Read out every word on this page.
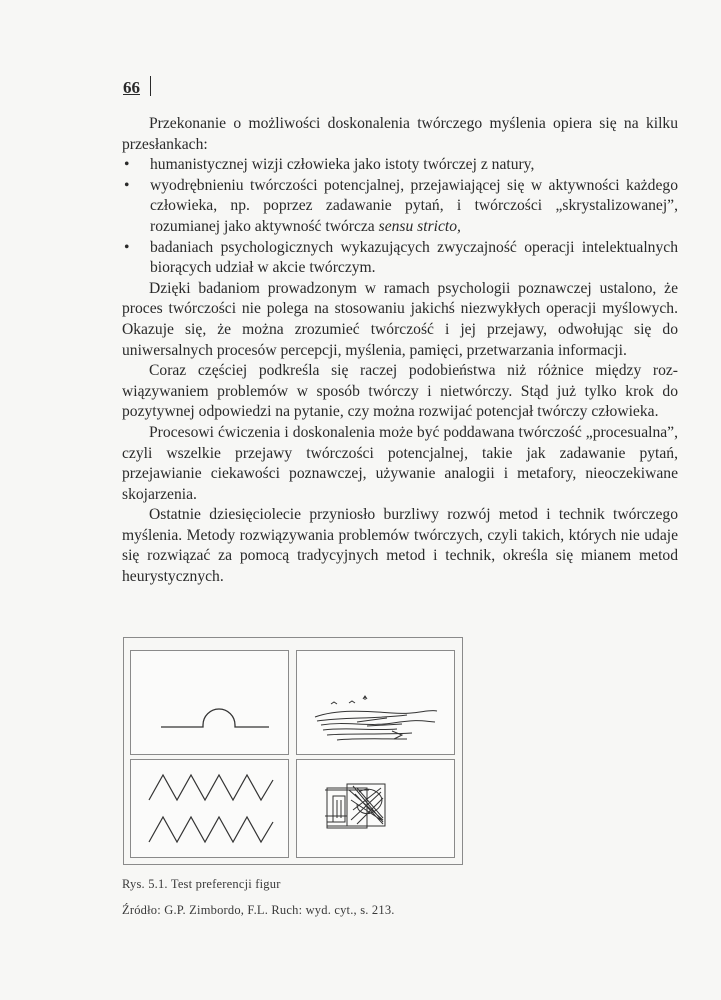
66

Przekonanie o możliwości doskonalenia twórczego myślenia opiera się na kilku przesłankach:

• humanistycznej wizji człowieka jako istoty twórczej z natury,
• wyodrębnieniu twórczości potencjalnej, przejawiającej się w aktywności każdego człowieka, np. poprzez zadawanie pytań, i twórczości „skrystalizowanej”, rozumianej jako aktywność twórcza sensu stricto,
• badaniach psychologicznych wykazujących zwyczajność operacji intelektualnych biorących udział w akcie twórczym.

Dzięki badaniom prowadzonym w ramach psychologii poznawczej ustalono, że proces twórczości nie polega na stosowaniu jakichś niezwykłych operacji myślowych. Okazuje się, że można zrozumieć twórczość i jej przejawy, odwołując się do uniwersalnych procesów percepcji, myślenia, pamięci, przetwarzania informacji.

Coraz częściej podkreśla się raczej podobieństwa niż różnice między rozwiązywaniem problemów w sposób twórczy i nietwórczy. Stąd już tylko krok do pozytywnej odpowiedzi na pytanie, czy można rozwijać potencjał twórczy człowieka.

Procesowi ćwiczenia i doskonalenia może być poddawana twórczość „procesualna”, czyli wszelkie przejawy twórczości potencjalnej, takie jak zadawanie pytań, przejawianie ciekawości poznawczej, używanie analogii i metafory, nieoczekiwane skojarzenia.

Ostatnie dziesięciolecie przyniosło burzliwy rozwój metod i technik twórczego myślenia. Metody rozwiązywania problemów twórczych, czyli takich, których nie udaje się rozwiązać za pomocą tradycyjnych metod i technik, określa się mianem metod heurystycznych.

Rys. 5.1. Test preferencji figur
Źródło: G.P. Zimbordo, F.L. Ruch: wyd. cyt., s. 213.
